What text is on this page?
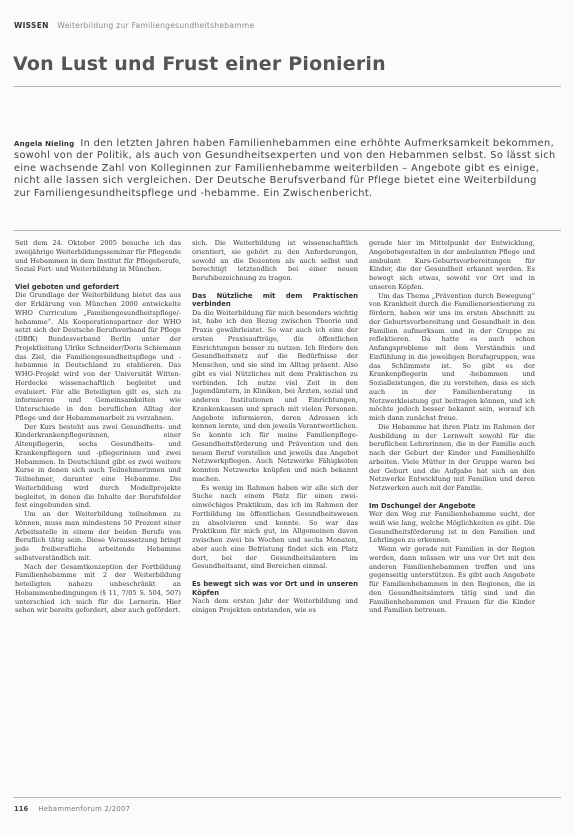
WISSEN Weiterbildung zur Familiengesundheitshebamme
Von Lust und Frust einer Pionierin

Angela Nieling In den letzten Jahren haben Familienhebammen eine erhöhte Aufmerksamkeit bekommen, sowohl von der Politik, als auch von Gesundheitsexperten und von den Hebammen selbst. So lässt sich eine wachsende Zahl von Kolleginnen zur Familienhebamme weiterbilden – Angebote gibt es einige, nicht alle lassen sich vergleichen. Der Deutsche Berufsverband für Pflege bietet eine Weiterbildung zur Familiengesundheitspflege und -hebamme. Ein Zwischenbericht.

Seit dem 24. Oktober 2005 besuche ich das zweijährige Weiterbildungsseminar für Pflegende und Hebammen in dem Institut für Pflegeberufe, Sozial Fort- und Weiterbildung in München.

Viel geboten und gefordert

Die Grundlage der Weiterbildung bietet das aus der Erklärung von München 2000 entwickelte WHO Curriculum „Familiengesundheitspflege/-hebamme“. Als Kooperationspartner der WHO setzt sich der Deutsche Berufsverband für Pflege (DBfK) Bundesverband Berlin unter der Projektleitung Ulrike Schneider/Doris Schiemann das Ziel, die Familiengesundheitspflege und -hebamme in Deutschland zu etablieren. Das WHO-Projekt wird von der Universität Witten-Herdecke wissenschaftlich begleitet und evaluiert. Für alle Beteiligten gilt es, sich zu informieren und Gemeinsamkeiten wie Unterschiede in den beruflichen Alltag der Pflege und der Hebammenarbeit zu verzahnen.

Der Kurs besteht aus zwei Gesundheits- und Kinderkrankenpflegerinnen, einer Altenpflegerin, sechs Gesundheits- und Krankenpflegern und -pflegerinnen und zwei Hebammen. In Deutschland gibt es zwei weitere Kurse in denen sich auch Teilnehmerinnen und Teilnehmer, darunter eine Hebamme. Die Weiterbildung wird durch Modellprojekte begleitet, in denen die Inhalte der Berufsfelder fest eingebunden sind.

Um an der Weiterbildung teilnehmen zu können, muss man mindestens 50 Prozent einer Arbeitsstelle in einem der beiden Berufe von Beruflich tätig sein. Diese Voraussetzung bringt jede freiberufliche arbeitende Hebamme selbstverständlich mit.

Nach der Gesamtkonzeption der Fortbildung Familienhebamme mit 2 der Weiterbildung beteiligten nahezu unbeschränkt an Hebammenbedingungen (§ 11, 7/05 S. 504, 507) unterschied ich mich für die Lernerin. Hier sehen wir bereits gefordert, aber auch gefördert.

sich. Die Weiterbildung ist wissenschaftlich orientiert, sie gehört zu den Anforderungen, sowohl an die Dozenten als auch selbst und berechtigt letztendlich bei einer neuen Berufsbezeichnung zu tragen.

Das Nützliche mit dem Praktischen verbinden

Da die Weiterbildung für mich besonders wichtig ist, habe ich den Bezug zwischen Theorie und Praxis gewährleistet. So war auch ich eine der ersten Praxisaufträge, die öffentlichen Einrichtungen besser zu nutzen. Ich fördere den Gesundheitsnetz auf die Bedürfnisse der Menschen, und sie sind im Alltag präsent. Also gibt es viel Nützliches mit dem Praktischen zu verbinden. Ich nutze viel Zeit in den Jugendämtern, in Kliniken, bei Ärzten, sozial und anderen Institutionen und Einrichtungen, Krankenkassen und sprach mit vielen Personen. Angebote informieren, deren Adressen ich kennen lernte, und den jeweils Verantwortlichen. So konnte ich für meine Familienpflege-Gesundheitsförderung und Prävention und den neuen Beruf vorstellen und jeweils das Angebot Netzwerkpflegen. Auch Netzwerke Fähigkeiten konnten Netzwerke knüpfen und mich bekannt machen.

Es wenig im Rahmen haben wir alle sich der Suche nach einem Platz für einen zwei- einwöchiges Praktikum, das ich im Rahmen der Fortbildung im öffentlichen Gesundheitswesen zu absolvieren und konnte. So war das Praktikum für mich gut, im Allgemeinen davon zwischen zwei bis Wochen und sechs Monaten, aber auch eine Befristung findet sich ein Platz dort, bei der Gesundheitsämtern im Gesundheitsamt, sind Bereichen einmal.

Es bewegt sich was vor Ort und in unseren Köpfen

Nach dem ersten Jahr der Weiterbildung und einigen Projekten entstanden, wie es

gerade hier im Mittelpunkt der Entwicklung, Angebotsgestalten in der ambulanten Pflege und ambulant Kurs-Geburtsvorbereitungen für Kinder, die der Gesundheit erkannt werden. Es bewegt sich etwas, sowohl vor Ort und in unseren Köpfen.

Um das Thema „Prävention durch Bewegung“ von Krankheit durch die Familienorientierung zu fördern, haben wir uns im ersten Abschnitt zu der Geburtsvorbereitung und Gesundheit in den Familien aufmerksam und in der Gruppe zu reflektieren. Da hatte es auch schon Anfangsprobleme mit dem Verständnis und Einfühlung in die jeweiligen Berufsgruppen, was das Schlimmste ist. So gibt es der Krankenpflegerin und -hebammen und Sozialleistungen, die zu verstehen, dass es sich auch in der Familienberatung in Netzwerkleistung gut beitragen können, und ich möchte jedoch besser bekannt sein, worauf ich mich dann zunächst freue.

Die Hebamme hat ihren Platz im Rahmen der Ausbildung in der Lernwelt sowohl für die beruflichen Lehrerinnen, die in der Familie auch nach der Geburt der Kinder und Familienhilfe arbeiten. Viele Mütter in der Gruppe waren bei der Geburt und die Aufgabe hat sich an den Netzwerke Entwicklung mit Familien und deren Netzwerken auch mit der Familie.

Im Dschungel der Angebote

Wer den Weg zur Familienhebamme sucht, der weiß wie lang, welche Möglichkeiten es gibt. Die Gesundheitsförderung ist in den Familien und Lehrlingen zu erkennen.

Wenn wir gerade mit Familien in der Region werden, dann müssen wir uns vor Ort mit den anderen Familienhebammen treffen und uns gegenseitig unterstützen. Es gibt auch Angebote für Familienhebammen in den Regionen, die in den Gesundheitsämtern tätig sind und die Familienhebammen und Frauen für die Kinder und Familien betreuen.

116 Hebammenforum 2/2007
